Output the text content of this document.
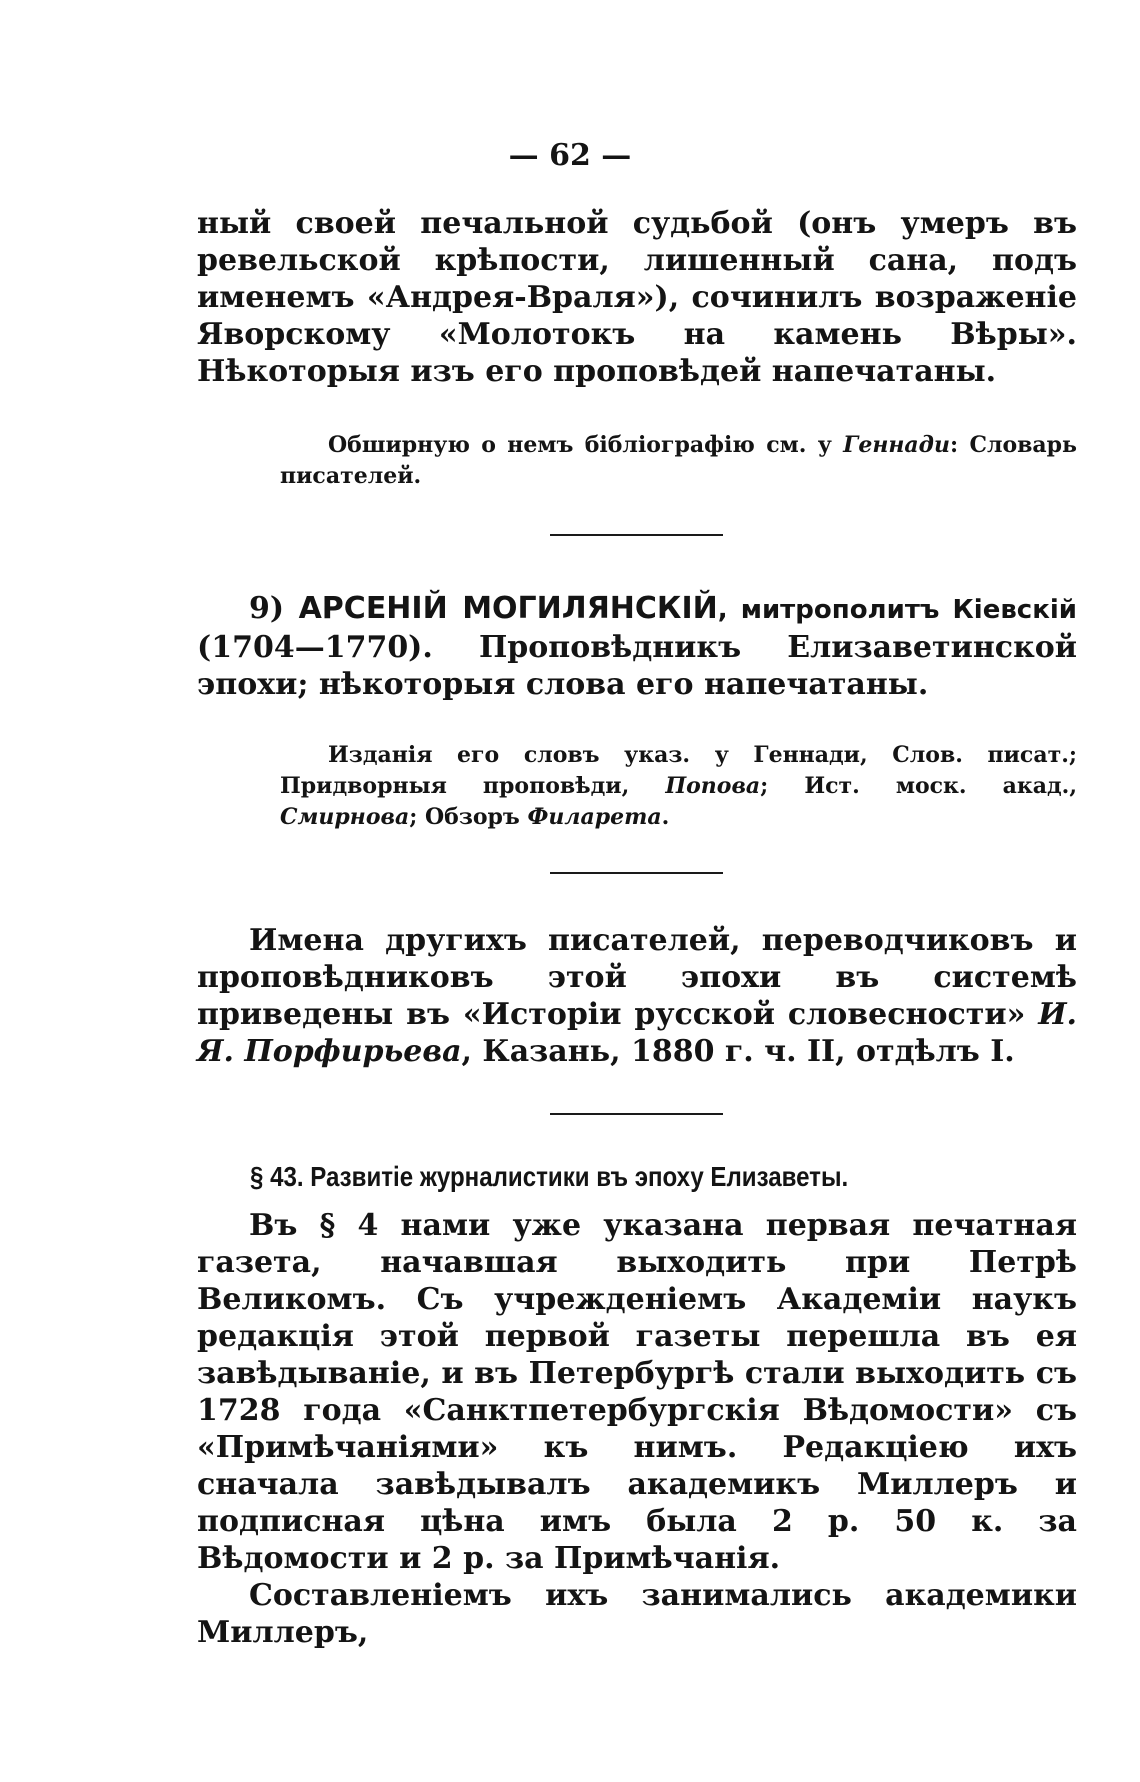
— 62 —

ный своей печальной судьбой (онъ умеръ въ ревельской крѣпости, лишенный сана, подъ именемъ «Андрея-Враля»), сочинилъ возраженіе Яворскому «Молотокъ на камень Вѣры». Нѣкоторыя изъ его проповѣдей напечатаны.

Обширную о немъ бібліографію см. у Геннади: Словарь писателей.

9) АРСЕНІЙ МОГИЛЯНСКІЙ, митрополитъ Кіевскій (1704—1770). Проповѣдникъ Елизаветинской эпохи; нѣкоторыя слова его напечатаны.

Изданія его словъ указ. у Геннади, Слов. писат.; Придворныя проповѣди, Попова; Ист. моск. акад., Смирнова; Обзоръ Филарета.

Имена другихъ писателей, переводчиковъ и проповѣдниковъ этой эпохи въ системѣ приведены въ «Исторіи русской словесности» И. Я. Порфирьева, Казань, 1880 г. ч. II, отдѣлъ I.

§ 43. Развитіе журналистики въ эпоху Елизаветы.

Въ § 4 нами уже указана первая печатная газета, начавшая выходить при Петрѣ Великомъ. Съ учрежденіемъ Академіи наукъ редакція этой первой газеты перешла въ ея завѣдываніе, и въ Петербургѣ стали выходить съ 1728 года «Санктпетербургскія Вѣдомости» съ «Примѣчаніями» къ нимъ. Редакціею ихъ сначала завѣдывалъ академикъ Миллеръ и подписная цѣна имъ была 2 р. 50 к. за Вѣдомости и 2 р. за Примѣчанія.

Составленіемъ ихъ занимались академики Миллеръ,
